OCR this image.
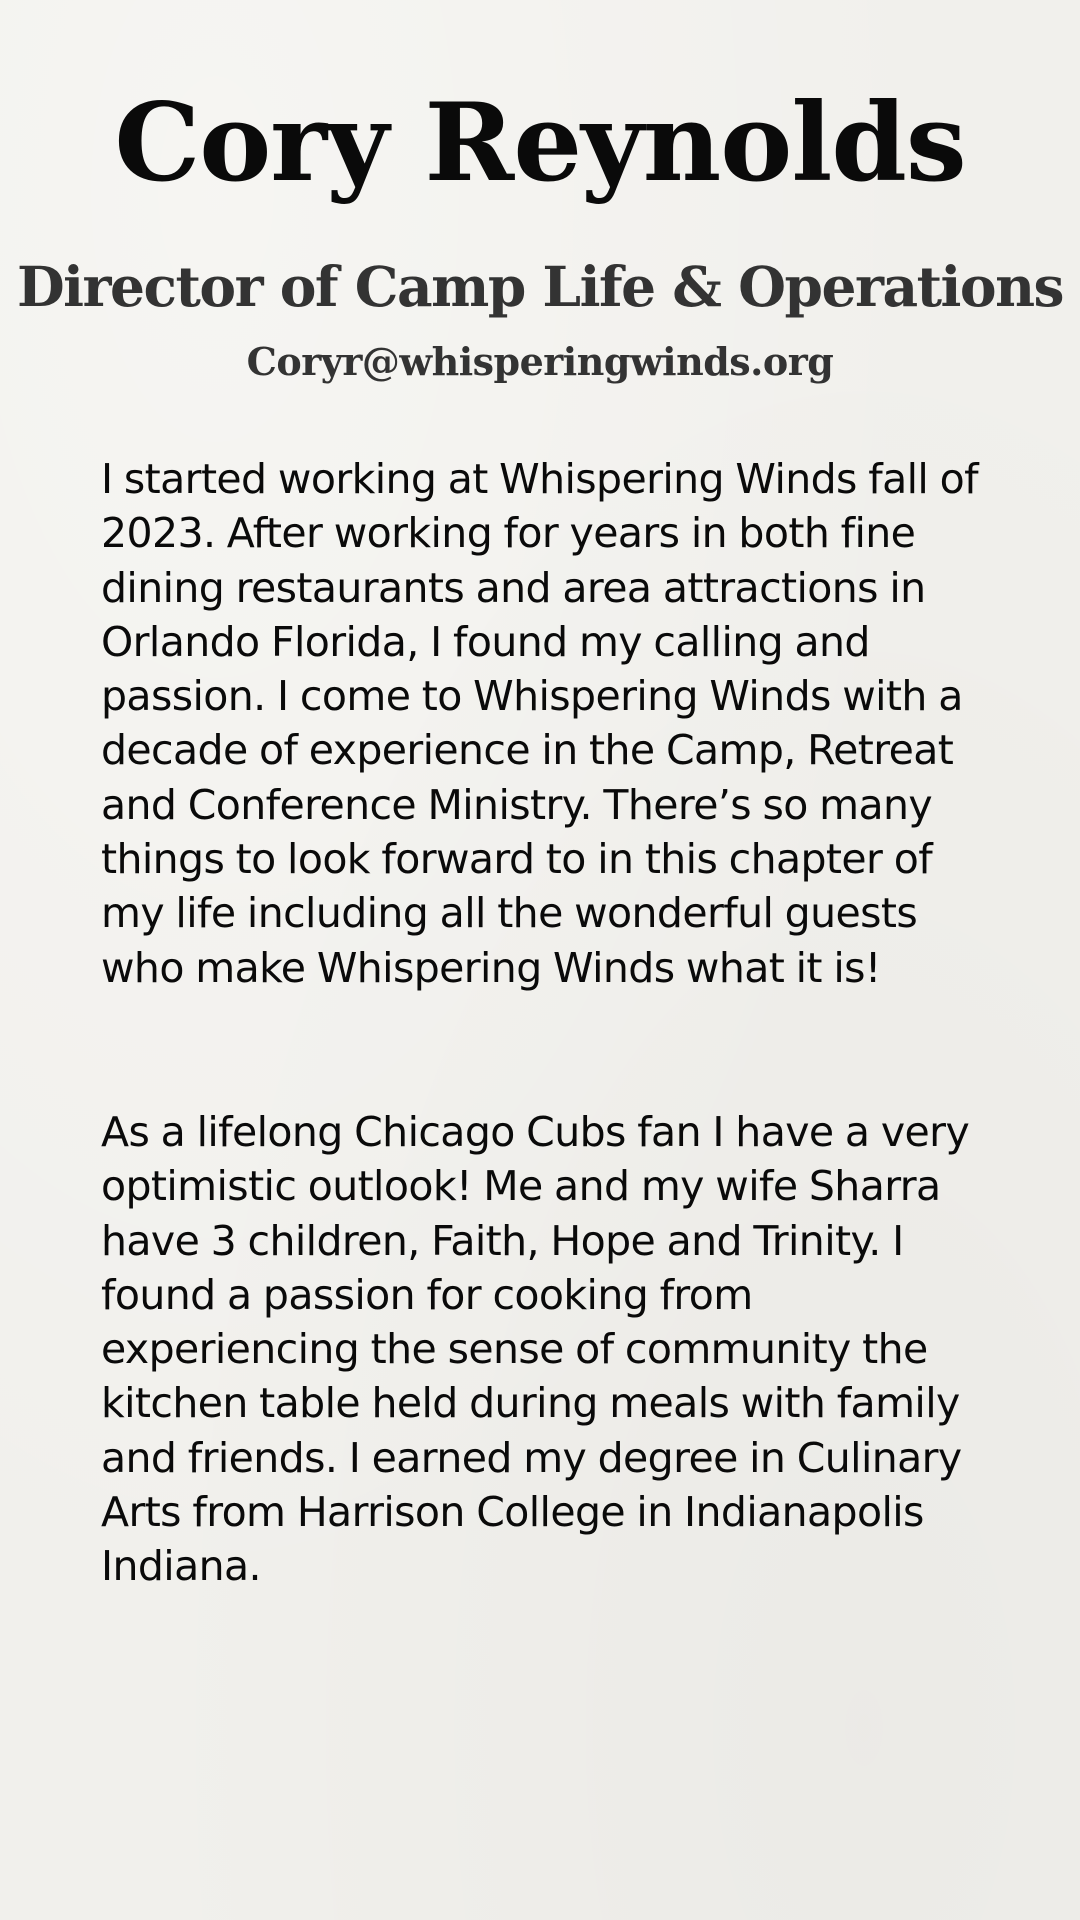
Cory Reynolds
Director of Camp Life & Operations
Coryr@whisperingwinds.org

I started working at Whispering Winds fall of 2023. After working for years in both fine dining restaurants and area attractions in Orlando Florida, I found my calling and passion. I come to Whispering Winds with a decade of experience in the Camp, Retreat and Conference Ministry. There’s so many things to look forward to in this chapter of my life including all the wonderful guests who make Whispering Winds what it is!

As a lifelong Chicago Cubs fan I have a very optimistic outlook! Me and my wife Sharra have 3 children, Faith, Hope and Trinity. I found a passion for cooking from experiencing the sense of community the kitchen table held during meals with family and friends. I earned my degree in Culinary Arts from Harrison College in Indianapolis Indiana.
